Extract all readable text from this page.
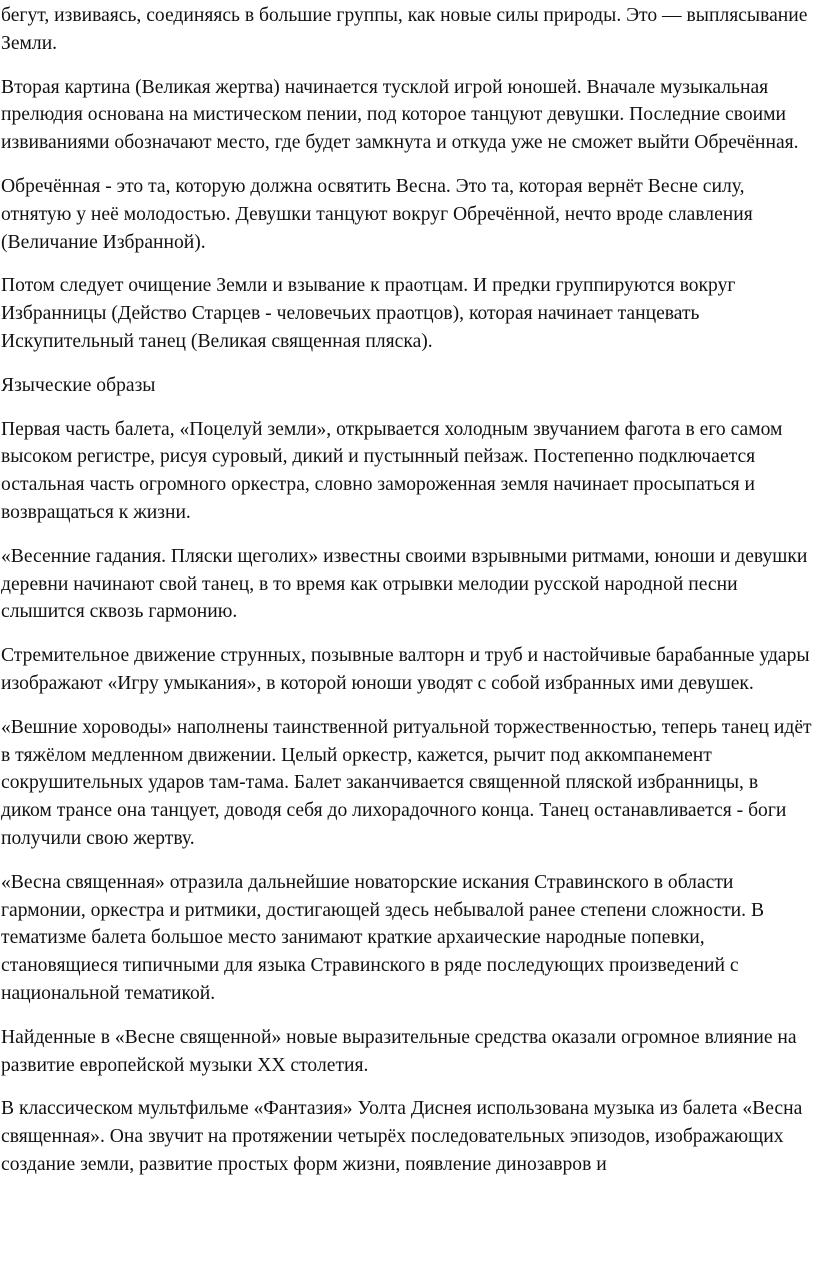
бегут, извиваясь, соединяясь в большие группы, как новые силы природы. Это — выплясывание Земли.

Вторая картина (Великая жертва) начинается тусклой игрой юношей. Вначале музыкальная прелюдия основана на мистическом пении, под которое танцуют девушки. Последние своими извиваниями обозначают место, где будет замкнута и откуда уже не сможет выйти Обречённая.

Обречённая - это та, которую должна освятить Весна. Это та, которая вернёт Весне силу, отнятую у неё молодостью. Девушки танцуют вокруг Обречённой, нечто вроде славления (Величание Избранной).

Потом следует очищение Земли и взывание к праотцам. И предки группируются вокруг Избранницы (Действо Старцев - человечьих праотцов), которая начинает танцевать Искупительный танец (Великая священная пляска).

Языческие образы

Первая часть балета, «Поцелуй земли», открывается холодным звучанием фагота в его самом высоком регистре, рисуя суровый, дикий и пустынный пейзаж. Постепенно подключается остальная часть огромного оркестра, словно замороженная земля начинает просыпаться и возвращаться к жизни.

«Весенние гадания. Пляски щеголих» известны своими взрывными ритмами, юноши и девушки деревни начинают свой танец, в то время как отрывки мелодии русской народной песни слышится сквозь гармонию.

Стремительное движение струнных, позывные валторн и труб и настойчивые барабанные удары изображают «Игру умыкания», в которой юноши уводят с собой избранных ими девушек.

«Вешние хороводы» наполнены таинственной ритуальной торжественностью, теперь танец идёт в тяжёлом медленном движении. Целый оркестр, кажется, рычит под аккомпанемент сокрушительных ударов там-тама. Балет заканчивается священной пляской избранницы, в диком трансе она танцует, доводя себя до лихорадочного конца. Танец останавливается - боги получили свою жертву.

«Весна священная» отразила дальнейшие новаторские искания Стравинского в области гармонии, оркестра и ритмики, достигающей здесь небывалой ранее степени сложности. В тематизме балета большое место занимают краткие архаические народные попевки, становящиеся типичными для языка Стравинского в ряде последующих произведений с национальной тематикой.

Найденные в «Весне священной» новые выразительные средства оказали огромное влияние на развитие европейской музыки XX столетия.

В классическом мультфильме «Фантазия» Уолта Диснея использована музыка из балета «Весна священная». Она звучит на протяжении четырёх последовательных эпизодов, изображающих создание земли, развитие простых форм жизни, появление динозавров и
